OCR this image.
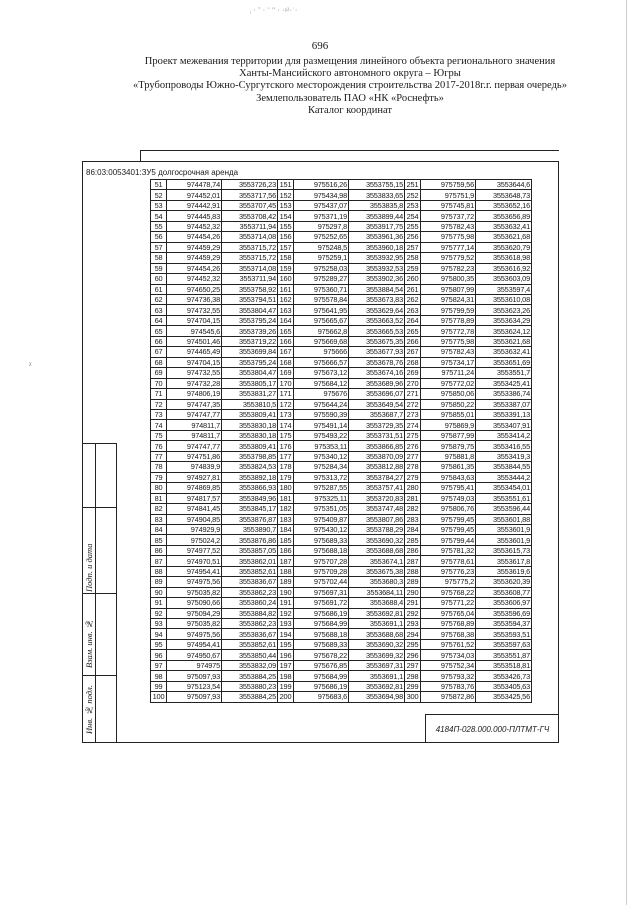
ᵢ · ˇ · ¨ " · ·ᵖ²·˙·
696
Проект межевания территории для размещения линейного объекта регионального значения
Ханты-Мансийского автономного округа – Югры
«Трубопроводы Южно-Сургутского месторождения строительства 2017-2018г.г. первая очередь»
Землепользователь ПАО «НК «Роснефть»
Каталог координат
ᵪ
86:03:0053401:ЗУ5 долгосрочная аренда
51	974478,74	3553726,23	151	975516,26	3553755,15	251	975759,56	3553644,6
52	974452,01	3553717,56	152	975434,98	3553833,65	252	975751,9	3553648,73
53	974442,91	3553707,45	153	975437,07	3553835,8	253	975745,81	3553652,16
54	974445,83	3553708,42	154	975371,19	3553899,44	254	975737,72	3553656,89
55	974452,32	3553711,94	155	975297,8	3553917,75	255	975782,43	3553632,41
56	974454,26	3553714,08	156	975252,65	3553961,36	256	975775,98	3553621,68
57	974459,29	3553715,72	157	975248,5	3553960,18	257	975777,14	3553620,79
58	974459,29	3553715,72	158	975259,1	3553932,95	258	975779,52	3553618,98
59	974454,26	3553714,08	159	975258,03	3553932,53	259	975782,23	3553616,92
60	974452,32	3553711,94	160	975289,27	3553902,36	260	975800,35	3553603,09
61	974650,25	3553758,92	161	975360,71	3553884,54	261	975807,99	3553597,4
62	974736,38	3553794,51	162	975578,84	3553673,83	262	975824,31	3553610,08
63	974732,55	3553804,47	163	975641,95	3553629,64	263	975799,59	3553623,26
64	974704,15	3553795,24	164	975665,67	3553663,52	264	975778,89	3553634,29
65	974545,6	3553739,26	165	975662,8	3553665,53	265	975772,78	3553624,12
66	974501,46	3553719,22	166	975669,68	3553675,35	266	975775,98	3553621,68
67	974465,49	3553699,84	167	975666	3553677,93	267	975782,43	3553632,41
68	974704,15	3553795,24	168	975666,57	3553678,76	268	975734,17	3553651,69
69	974732,55	3553804,47	169	975673,12	3553674,16	269	975711,24	3553551,7
70	974732,28	3553805,17	170	975684,12	3553689,96	270	975772,02	3553425,41
71	974806,19	3553831,27	171	975676	3553696,07	271	975850,06	3553386,74
72	974747,35	3553810,5	172	975644,24	3553649,54	272	975850,22	3553387,07
73	974747,77	3553809,41	173	975590,39	3553687,7	273	975855,01	3553391,13
74	974811,7	3553830,18	174	975491,14	3553729,35	274	975869,9	3553407,91
75	974811,7	3553830,18	175	975493,22	3553731,51	275	975877,99	3553414,2
76	974747,77	3553809,41	176	975353,11	3553866,85	276	975879,75	3553416,55
77	974751,86	3553798,85	177	975340,12	3553870,09	277	975881,8	3553419,3
78	974839,9	3553824,53	178	975284,34	3553812,88	278	975861,35	3553844,55
79	974927,81	3553892,18	179	975313,72	3553784,27	279	975843,63	3553444,2
80	974869,85	3553866,93	180	975287,55	3553757,41	280	975795,41	3553454,01
81	974817,57	3553849,96	181	975325,11	3553720,83	281	975749,03	3553551,61
82	974841,45	3553845,17	182	975351,05	3553747,48	282	975806,76	3553596,44
83	974904,85	3553876,87	183	975409,87	3553807,86	283	975799,45	3553601,88
84	974929,9	3553890,7	184	975430,12	3553788,29	284	975799,45	3553601,9
85	975024,2	3553876,86	185	975689,33	3553690,32	285	975799,44	3553601,9
86	974977,52	3553857,05	186	975688,18	3553688,68	286	975781,32	3553615,73
87	974970,51	3553862,01	187	975707,28	3553674,1	287	975778,61	3553617,8
88	974954,41	3553852,61	188	975709,28	3553675,38	288	975776,23	3553619,6
89	974975,56	3553836,67	189	975702,44	3553680,3	289	975775,2	3553620,39
90	975035,82	3553862,23	190	975697,31	3553684,11	290	975768,22	3553608,77
91	975090,66	3553860,24	191	975691,72	3553688,4	291	975771,22	3553606,97
92	975094,29	3553884,82	192	975686,19	3553692,81	292	975765,04	3553596,69
93	975035,82	3553862,23	193	975684,99	3553691,1	293	975768,89	3553594,37
94	974975,56	3553836,67	194	975688,18	3553688,68	294	975768,38	3553593,51
95	974954,41	3553852,61	195	975689,33	3553690,32	295	975761,52	3553597,63
96	974950,67	3553850,44	196	975678,22	3553699,32	296	975734,03	3553551,87
97	974975	3553832,09	197	975676,85	3553697,31	297	975752,34	3553518,81
98	975097,93	3553884,25	198	975684,99	3553691,1	298	975793,32	3553426,73
99	975123,54	3553880,23	199	975686,19	3553692,81	299	975783,76	3553405,63
100	975097,93	3553884,25	200	975683,6	3553694,98	300	975872,86	3553425,56
Взам. инв. №
Подп. и дата
Инв. № подл.	4184П-028.000.000-ПЛТМТ-ГЧ
